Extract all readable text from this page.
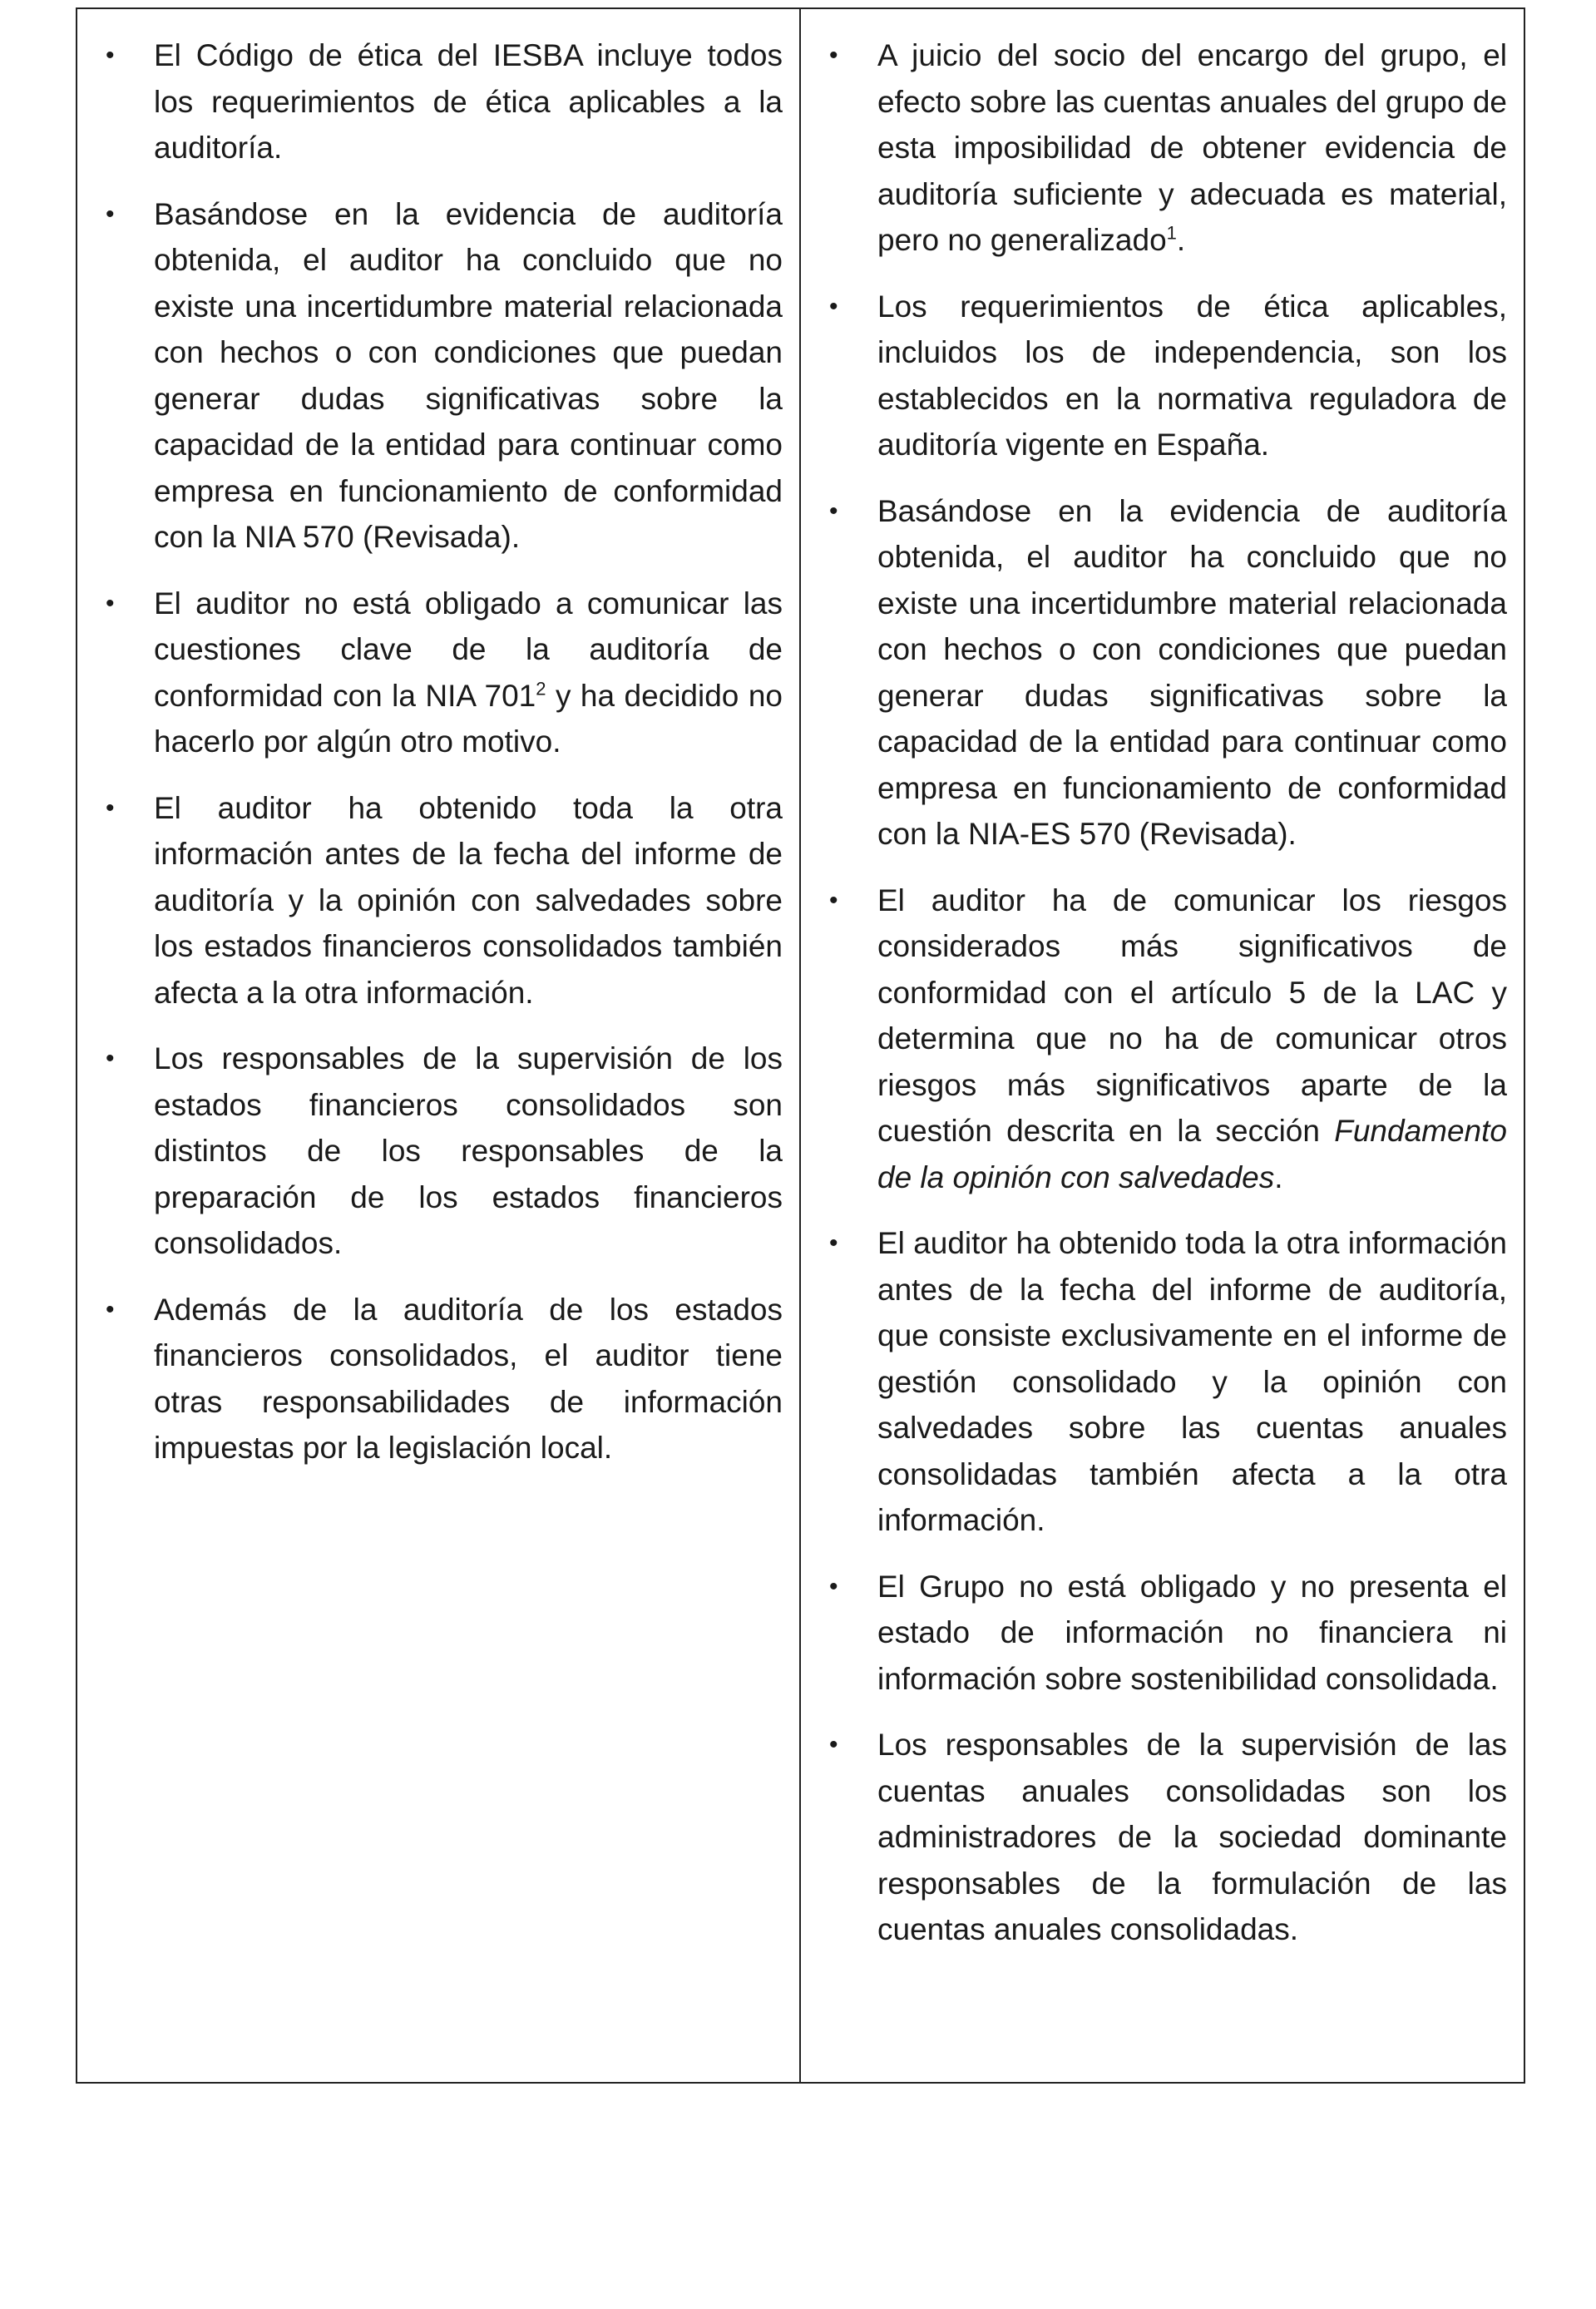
• El Código de ética del IESBA incluye todos los requerimientos de ética aplicables a la auditoría.
• Basándose en la evidencia de auditoría obtenida, el auditor ha concluido que no existe una incertidumbre material relacionada con hechos o con condiciones que puedan generar dudas significativas sobre la capacidad de la entidad para continuar como empresa en funcionamiento de conformidad con la NIA 570 (Revisada).
• El auditor no está obligado a comunicar las cuestiones clave de la auditoría de conformidad con la NIA $701^2$ y ha decidido no hacerlo por algún otro motivo.
• El auditor ha obtenido toda la otra información antes de la fecha del informe de auditoría y la opinión con salvedades sobre los estados financieros consolidados también afecta a la otra información.
• Los responsables de la supervisión de los estados financieros consolidados son distintos de los responsables de la preparación de los estados financieros consolidados.
• Además de la auditoría de los estados financieros consolidados, el auditor tiene otras responsabilidades de información impuestas por la legislación local.
• A juicio del socio del encargo del grupo, el efecto sobre las cuentas anuales del grupo de esta imposibilidad de obtener evidencia de auditoría suficiente y adecuada es material, pero no generalizado$^1$.
• Los requerimientos de ética aplicables, incluidos los de independencia, son los establecidos en la normativa reguladora de auditoría vigente en España.
• Basándose en la evidencia de auditoría obtenida, el auditor ha concluido que no existe una incertidumbre material relacionada con hechos o con condiciones que puedan generar dudas significativas sobre la capacidad de la entidad para continuar como empresa en funcionamiento de conformidad con la NIA-ES 570 (Revisada).
• El auditor ha de comunicar los riesgos considerados más significativos de conformidad con el artículo 5 de la LAC y determina que no ha de comunicar otros riesgos más significativos aparte de la cuestión descrita en la sección Fundamento de la opinión con salvedades.
• El auditor ha obtenido toda la otra información antes de la fecha del informe de auditoría, que consiste exclusivamente en el informe de gestión consolidado y la opinión con salvedades sobre las cuentas anuales consolidadas también afecta a la otra información.
• El Grupo no está obligado y no presenta el estado de información no financiera ni información sobre sostenibilidad consolidada.
• Los responsables de la supervisión de las cuentas anuales consolidadas son los administradores de la sociedad dominante responsables de la formulación de las cuentas anuales consolidadas.
